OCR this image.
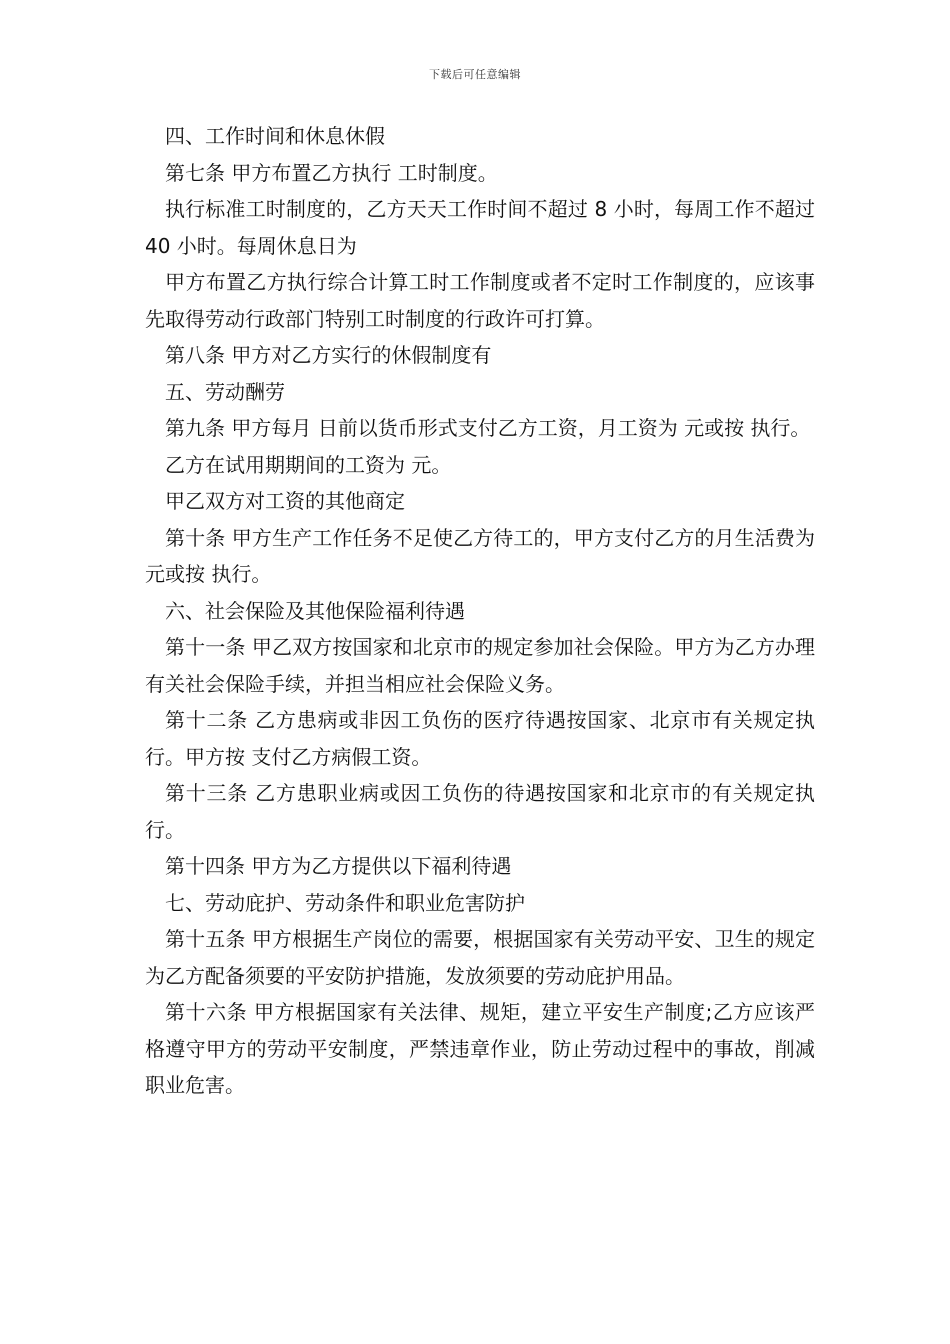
下载后可任意编辑

四、工作时间和休息休假

第七条 甲方布置乙方执行 工时制度。

执行标准工时制度的，乙方天天工作时间不超过 8 小时，每周工作不超过 40 小时。每周休息日为

甲方布置乙方执行综合计算工时工作制度或者不定时工作制度的，应该事先取得劳动行政部门特别工时制度的行政许可打算。

第八条 甲方对乙方实行的休假制度有

五、劳动酬劳

第九条 甲方每月 日前以货币形式支付乙方工资，月工资为 元或按 执行。

乙方在试用期期间的工资为 元。

甲乙双方对工资的其他商定

第十条 甲方生产工作任务不足使乙方待工的，甲方支付乙方的月生活费为 元或按 执行。

六、社会保险及其他保险福利待遇

第十一条 甲乙双方按国家和北京市的规定参加社会保险。甲方为乙方办理有关社会保险手续，并担当相应社会保险义务。

第十二条 乙方患病或非因工负伤的医疗待遇按国家、北京市有关规定执行。甲方按 支付乙方病假工资。

第十三条 乙方患职业病或因工负伤的待遇按国家和北京市的有关规定执行。

第十四条 甲方为乙方提供以下福利待遇

七、劳动庇护、劳动条件和职业危害防护

第十五条 甲方根据生产岗位的需要，根据国家有关劳动平安、卫生的规定为乙方配备须要的平安防护措施，发放须要的劳动庇护用品。

第十六条 甲方根据国家有关法律、规矩，建立平安生产制度;乙方应该严格遵守甲方的劳动平安制度，严禁违章作业，防止劳动过程中的事故，削减职业危害。
